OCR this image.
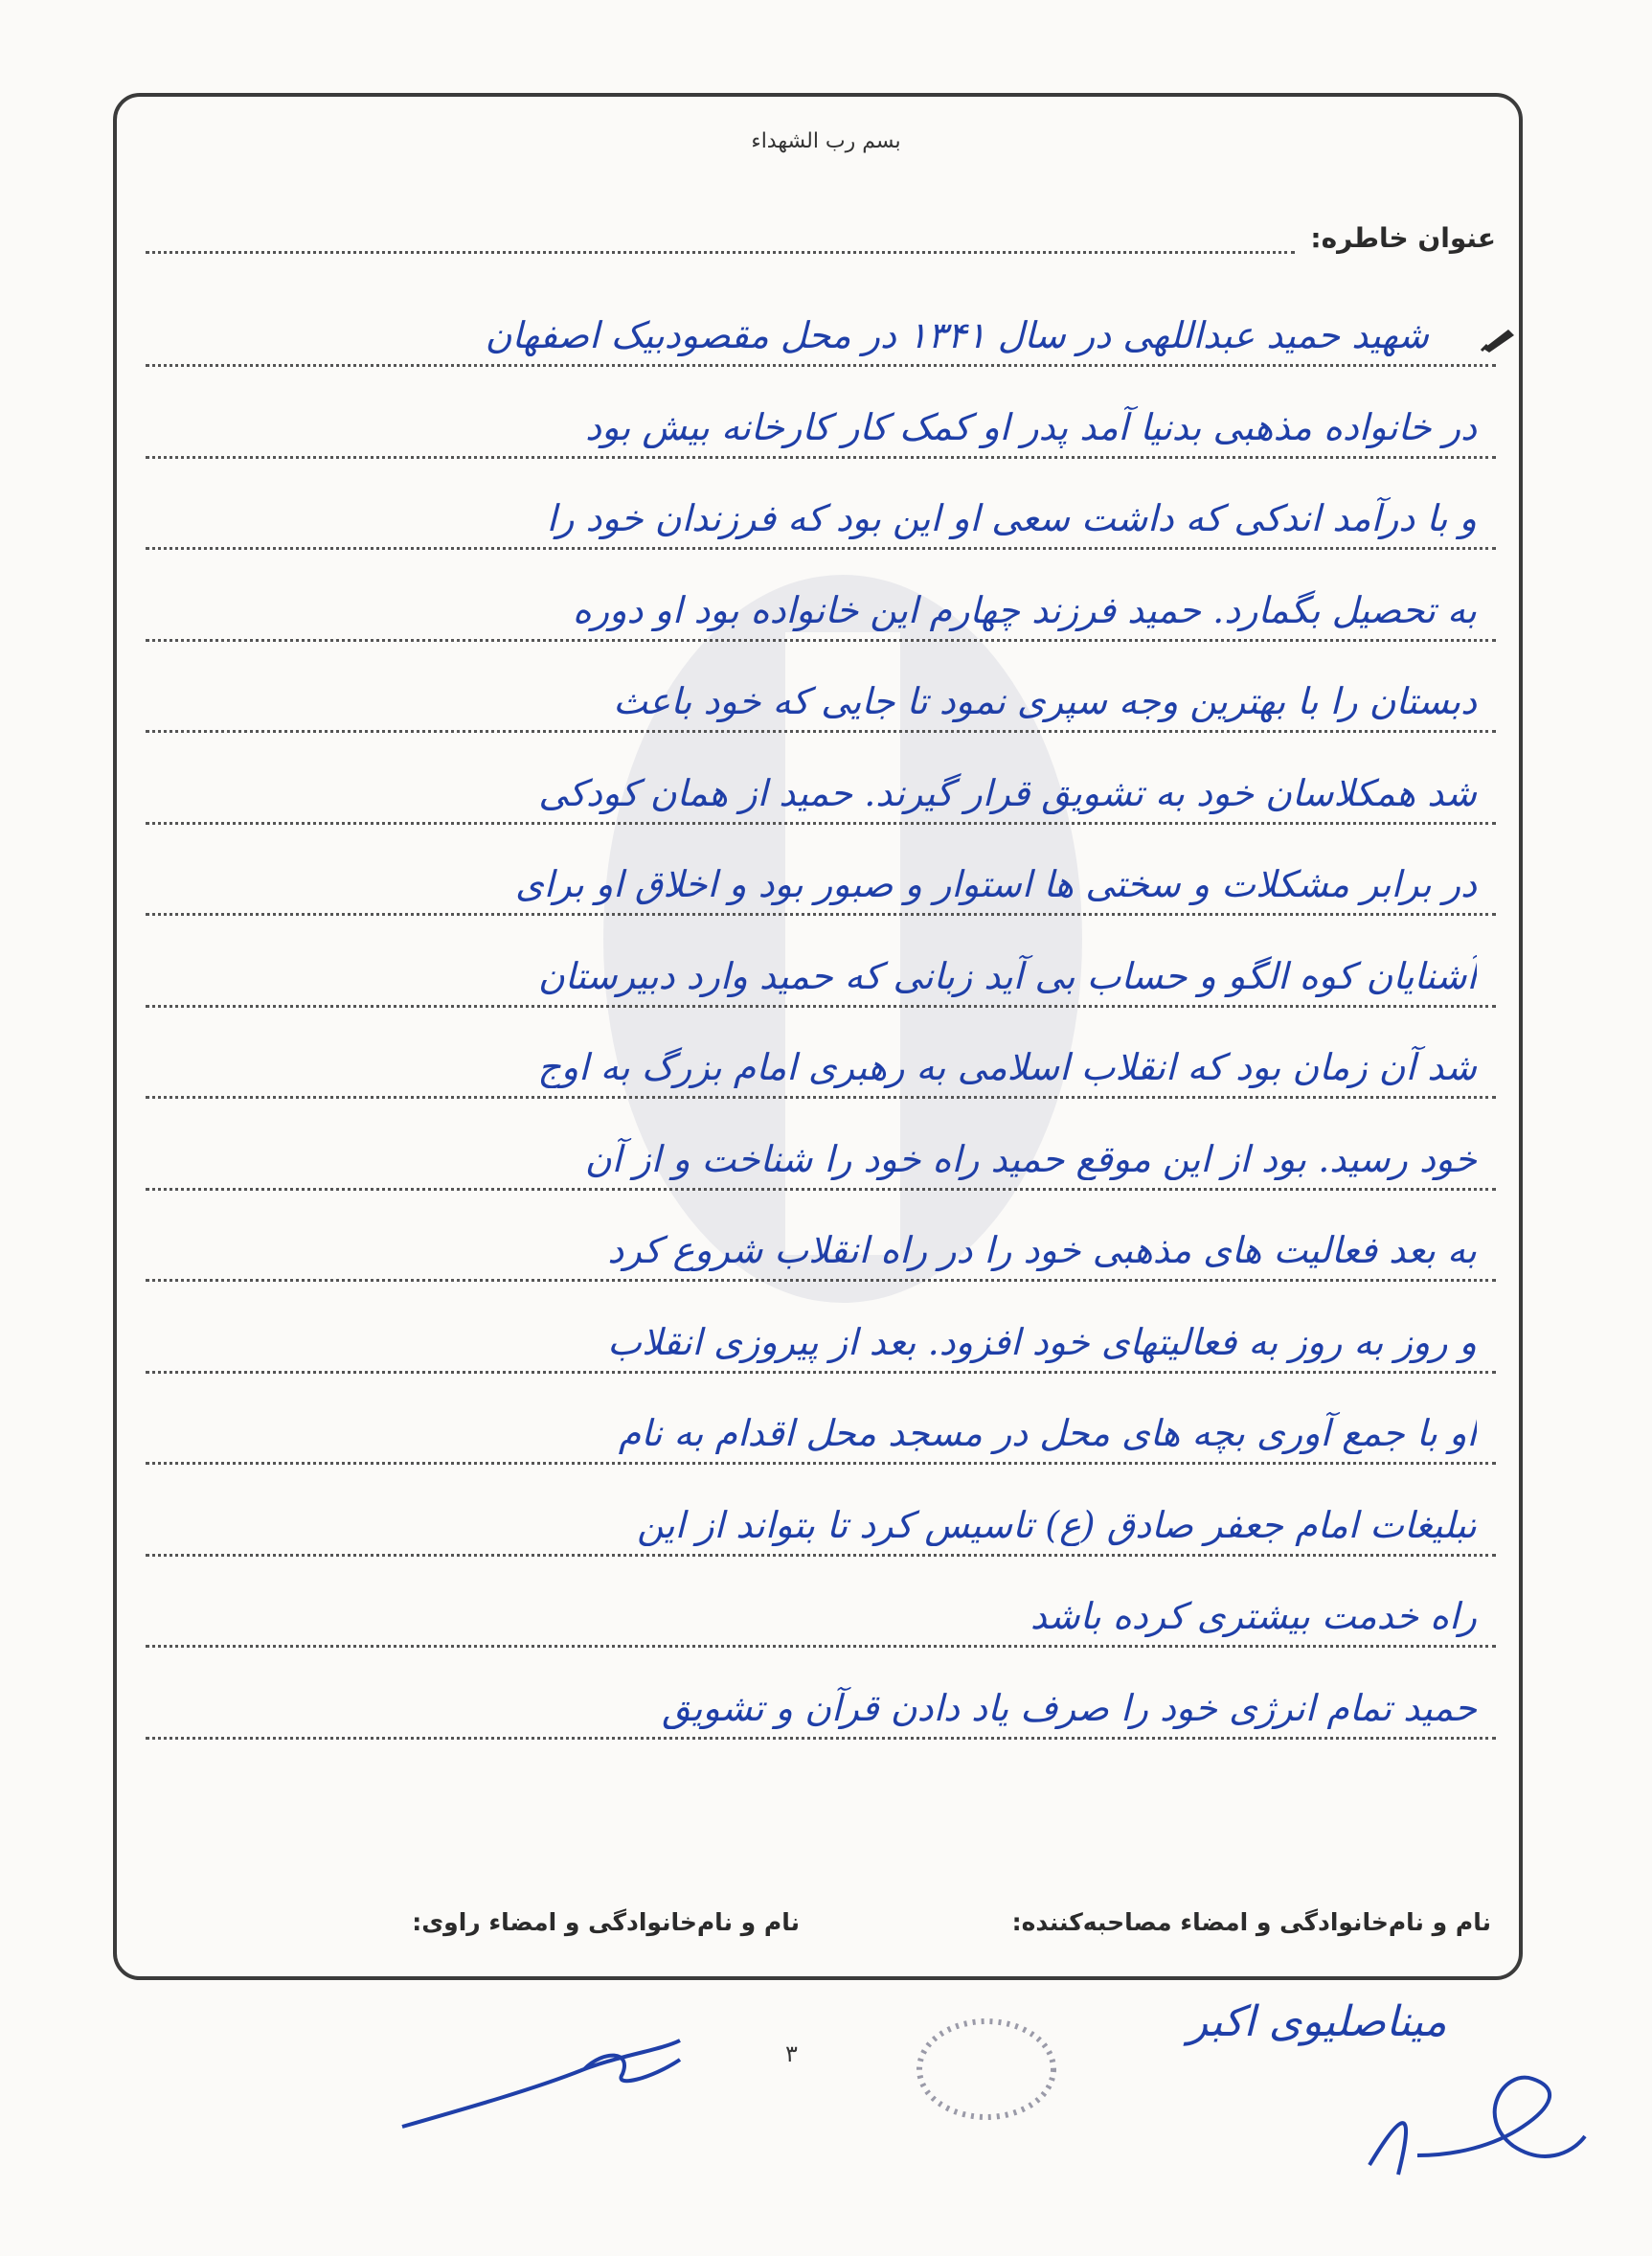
بسم رب الشهداء
عنوان خاطره:
شهید حمید عبداللهی در سال ۱۳۴۱ در محل مقصودبیک اصفهان
در خانواده مذهبی بدنیا آمد پدر او کمک کار کارخانه بیش بود
و با درآمد اندکی که داشت سعی او این بود که فرزندان خود را
به تحصیل بگمارد. حمید فرزند چهارم این خانواده بود او دوره
دبستان را با بهترین وجه سپری نمود تا جایی که خود باعث
شد همکلاسان خود به تشویق قرار گیرند. حمید از همان کودکی
در برابر مشکلات و سختی ها استوار و صبور بود و اخلاق او برای
آشنایان کوه الگو و حساب بی آید زبانی که حمید وارد دبیرستان
شد آن زمان بود که انقلاب اسلامی به رهبری امام بزرگ به اوج
خود رسید. بود از این موقع حمید راه خود را شناخت و از آن
به بعد فعالیت های مذهبی خود را در راه انقلاب شروع کرد
و روز به روز به فعالیتهای خود افزود. بعد از پیروزی انقلاب
او با جمع آوری بچه های محل در مسجد محل اقدام به نام
تبلیغات امام جعفر صادق (ع) تاسیس کرد تا بتواند از این
راه خدمت بیشتری کرده باشد
حمید تمام انرژی خود را صرف یاد دادن قرآن و تشویق
نام و نام‌خانوادگی و امضاء مصاحبه‌کننده:
نام و نام‌خانوادگی و امضاء راوی:
۳
میناصلیوی اکبر
